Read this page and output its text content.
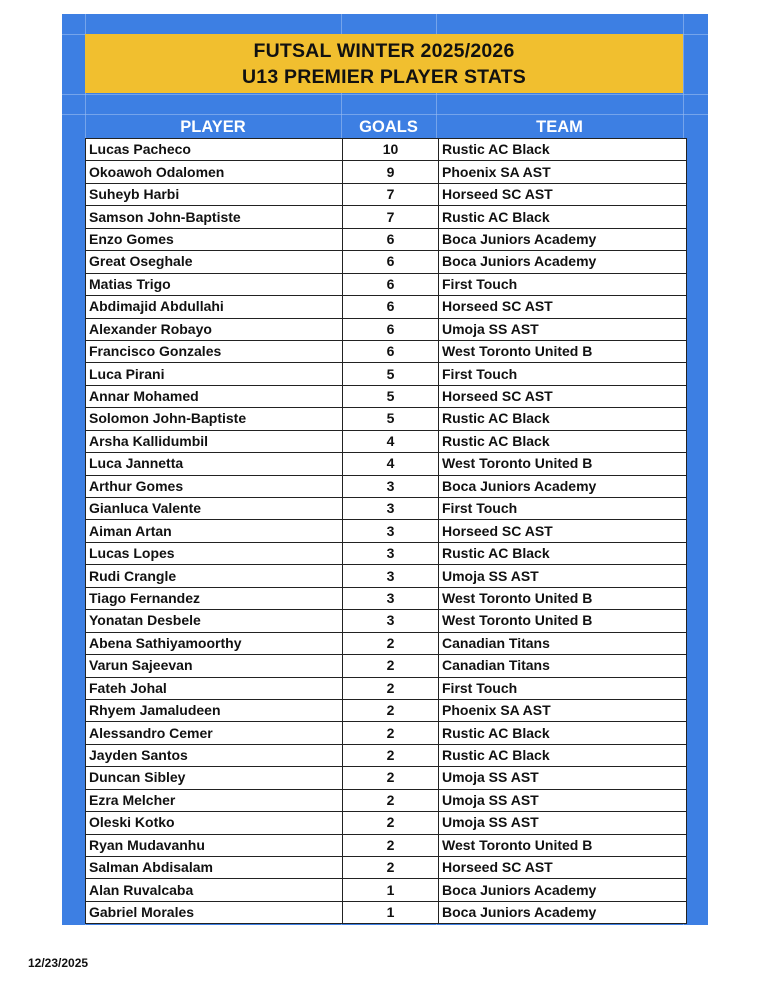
FUTSAL WINTER 2025/2026
U13 PREMIER PLAYER STATS
PLAYER	GOALS	TEAM
Lucas Pacheco	10	Rustic AC Black
Okoawoh Odalomen	9	Phoenix SA AST
Suheyb Harbi	7	Horseed SC AST
Samson John-Baptiste	7	Rustic AC Black
Enzo Gomes	6	Boca Juniors Academy
Great Oseghale	6	Boca Juniors Academy
Matias Trigo	6	First Touch
Abdimajid Abdullahi	6	Horseed SC AST
Alexander Robayo	6	Umoja SS AST
Francisco Gonzales	6	West Toronto United B
Luca Pirani	5	First Touch
Annar Mohamed	5	Horseed SC AST
Solomon John-Baptiste	5	Rustic AC Black
Arsha Kallidumbil	4	Rustic AC Black
Luca Jannetta	4	West Toronto United B
Arthur Gomes	3	Boca Juniors Academy
Gianluca Valente	3	First Touch
Aiman Artan	3	Horseed SC AST
Lucas Lopes	3	Rustic AC Black
Rudi Crangle	3	Umoja SS AST
Tiago Fernandez	3	West Toronto United B
Yonatan Desbele	3	West Toronto United B
Abena Sathiyamoorthy	2	Canadian Titans
Varun Sajeevan	2	Canadian Titans
Fateh Johal	2	First Touch
Rhyem Jamaludeen	2	Phoenix SA AST
Alessandro Cemer	2	Rustic AC Black
Jayden Santos	2	Rustic AC Black
Duncan Sibley	2	Umoja SS AST
Ezra Melcher	2	Umoja SS AST
Oleski Kotko	2	Umoja SS AST
Ryan Mudavanhu	2	West Toronto United B
Salman Abdisalam	2	Horseed SC AST
Alan Ruvalcaba	1	Boca Juniors Academy
Gabriel Morales	1	Boca Juniors Academy
12/23/2025
